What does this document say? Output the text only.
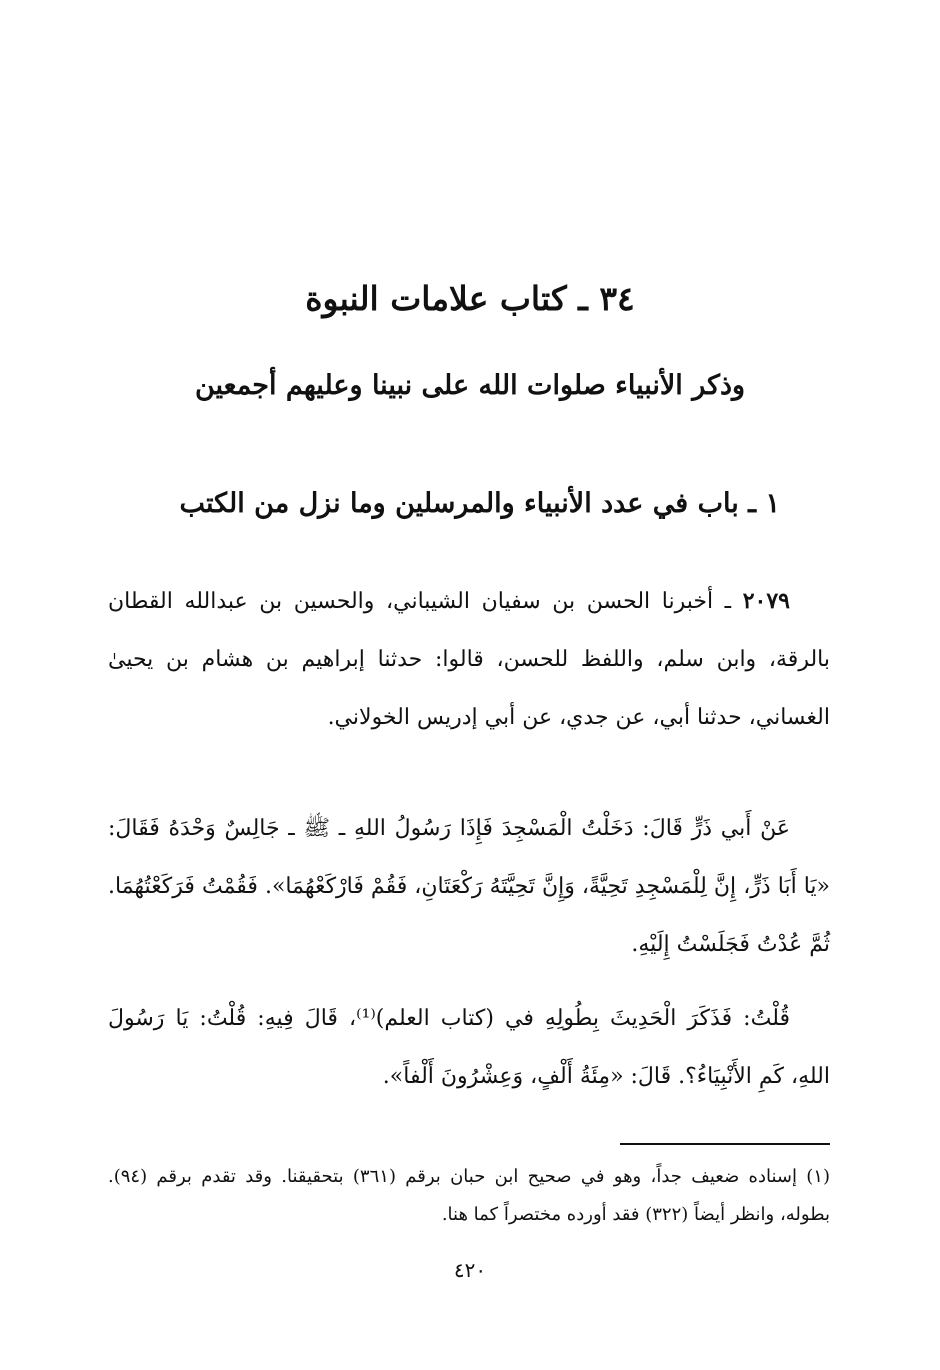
٣٤ ـ كتاب علامات النبوة
وذكر الأنبياء صلوات الله على نبينا وعليهم أجمعين
١ ـ باب في عدد الأنبياء والمرسلين وما نزل من الكتب

٢٠٧٩ ـ أخبرنا الحسن بن سفيان الشيباني، والحسين بن عبدالله القطان بالرقة، وابن سلم، واللفظ للحسن، قالوا: حدثنا إبراهيم بن هشام بن يحيىٰ الغساني، حدثنا أبي، عن جدي، عن أبي إدريس الخولاني.

عَنْ أَبي ذَرٍّ قَالَ: دَخَلْتُ الْمَسْجِدَ فَإِذَا رَسُولُ اللهِ ـ ﷺ ـ جَالِسٌ وَحْدَهُ فَقَالَ: «يَا أَبَا ذَرٍّ، إِنَّ لِلْمَسْجِدِ تَحِيَّةً، وَإِنَّ تَحِيَّتَهُ رَكْعَتَانِ، فَقُمْ فَارْكَعْهُمَا». فَقُمْتُ فَرَكَعْتُهُمَا. ثُمَّ عُدْتُ فَجَلَسْتُ إِلَيْهِ.

قُلْتُ: فَذَكَرَ الْحَدِيثَ بِطُولِهِ في (كتاب العلم)⁽¹⁾، قَالَ فِيهِ: قُلْتُ: يَا رَسُولَ اللهِ، كَمِ الأَنْبِيَاءُ؟. قَالَ: «مِئَةُ أَلْفٍ، وَعِشْرُونَ أَلْفاً».

(١) إسناده ضعيف جداً، وهو في صحيح ابن حبان برقم (٣٦١) بتحقيقنا. وقد تقدم برقم (٩٤). بطوله، وانظر أيضاً (٣٢٢) فقد أورده مختصراً كما هنا.

٤٢٠
